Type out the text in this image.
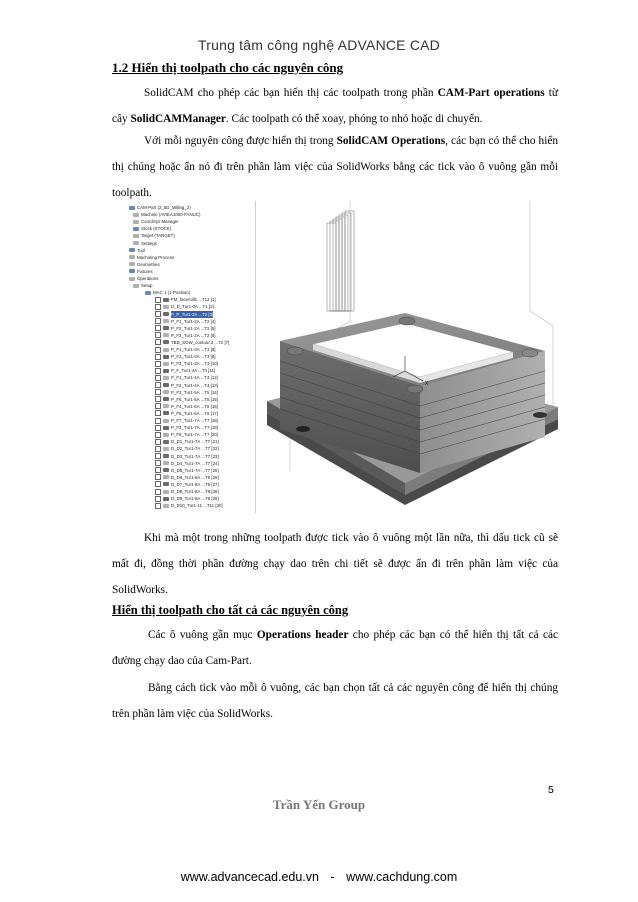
Trung tâm công nghệ ADVANCE CAD
1.2 Hiển thị toolpath cho các nguyên công
SolidCAM cho phép các bạn hiển thị các toolpath trong phần CAM-Part operations từ cây SolidCAMManager. Các toolpath có thể xoay, phóng to nhỏ hoặc di chuyển.
Với mỗi nguyên công được hiển thị trong SolidCAM Operations, các bạn có thể cho hiển thị chúng hoặc ẩn nó đi trên phần làm việc của SolidWorks bằng các tick vào ô vuông gần mỗi toolpath.
CAM-Part (2_5D_Milling_2)
Machine (AVIEA1000-FANUC)
CoordSys Manager
Stock (STOCK)
Target (TARGET)
Settings
Tool
Machining Process
Geometries
Fixtures
Operations
Setup
MAC 1 (1-Position)
FM_facemill1 ...T12 [1]
D_D_Tur1-0A ...T1 [2]
P_P_Tur1-2A ...T2 [3]
P_F1_Tur1-2A ...T2 [4]
P_F2_Tur1-2A ...T2 [5]
P_F3_Tur1-2A ...T2 [6]
TBD_SOW_contour.3 ...T2 [7]
P_F1_Tur1-3A ...T3 [8]
P_F2_Tur1-3A ...T3 [9]
P_F3_Tur1-3A ...T3 [10]
P_F_Tur1-4A ...T4 [11]
P_F1_Tur1-4A ...T4 [12]
P_F2_Tur1-4A ...T4 [13]
P_F3_Tur1-5A ...T5 [14]
P_F6_Tur1-5A ...T5 [15]
P_F4_Tur1-6A ...T6 [16]
P_F5_Tur1-6A ...T6 [17]
P_F7_Tur1-7A ...T7 [18]
P_F3_Tur1-7A ...T7 [19]
P_F8_Tur1-7A ...T7 [20]
D_D1_Tur1-7A ...T7 [21]
D_D2_Tur1-7A ...T7 [22]
D_D3_Tur1-7A ...T7 [23]
D_D4_Tur1-7A ...T7 [24]
D_D5_Tur1-7A ...T7 [25]
D_D6_Tur1-8A ...T8 [26]
D_D7_Tur1-8A ...T8 [27]
D_D8_Tur1-8A ...T8 [28]
D_D9_Tur1-8A ...T8 [29]
D_D10_Tur1-11 ...T11 [30]
X
Khi mà một trong những toolpath được tick vào ô vuông một lần nữa, thì dấu tick cũ sẽ mất đi, đồng thời phần đường chạy dao trên chi tiết sẽ được ẩn đi trên phần làm việc của SolidWorks.
Hiển thị toolpath cho tất cả các nguyên công
Các ô vuông gần mục Operations header cho phép các bạn có thể hiển thị tất cả các đường chạy dao của Cam-Part.
Bằng cách tick vào mỗi ô vuông, các bạn chọn tất cả các nguyên công để hiển thị chúng trên phần làm việc của SolidWorks.
5
Trần Yến Group
www.advancecad.edu.vn - www.cachdung.com
